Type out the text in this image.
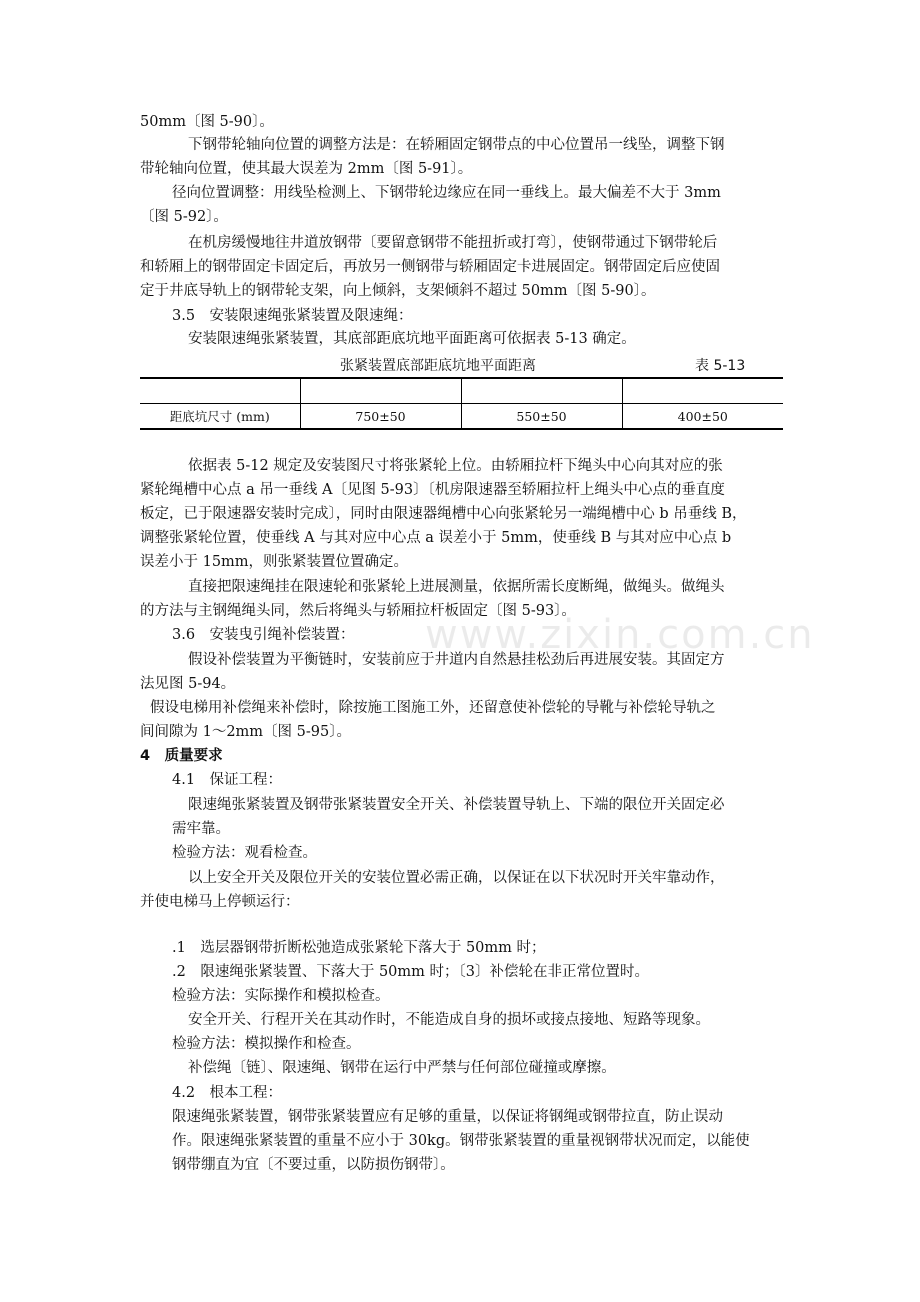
50mm〔图 5-90〕。
下钢带轮轴向位置的调整方法是：在轿厢固定钢带点的中心位置吊一线坠，调整下钢
带轮轴向位置，使其最大误差为 2mm〔图 5-91〕。
径向位置调整：用线坠检测上、下钢带轮边缘应在同一垂线上。最大偏差不大于 3mm
〔图 5-92〕。
在机房缓慢地往井道放钢带〔要留意钢带不能扭折或打弯〕，使钢带通过下钢带轮后
和轿厢上的钢带固定卡固定后，再放另一侧钢带与轿厢固定卡进展固定。钢带固定后应使固
定于井底导轨上的钢带轮支架，向上倾斜，支架倾斜不超过 50mm〔图 5-90〕。
3.5　安装限速绳张紧装置及限速绳：
安装限速绳张紧装置，其底部距底坑地平面距离可依据表 5-13 确定。
张紧装置底部距底坑地平面距离	表 5-13

距底坑尺寸 (mm)	750±50	550±50	400±50
www.zixin.com.cn
依据表 5-12 规定及安装图尺寸将张紧轮上位。由轿厢拉杆下绳头中心向其对应的张
紧轮绳槽中心点 a 吊一垂线 A〔见图 5-93〕〔机房限速器至轿厢拉杆上绳头中心点的垂直度
板定，已于限速器安装时完成〕，同时由限速器绳槽中心向张紧轮另一端绳槽中心 b 吊垂线 B，
调整张紧轮位置，使垂线 A 与其对应中心点 a 误差小于 5mm，使垂线 B 与其对应中心点 b
误差小于 15mm，则张紧装置位置确定。
直接把限速绳挂在限速轮和张紧轮上进展测量，依据所需长度断绳，做绳头。做绳头
的方法与主钢绳绳头同，然后将绳头与轿厢拉杆板固定〔图 5-93〕。
3.6　安装曳引绳补偿装置：
假设补偿装置为平衡链时，安装前应于井道内自然悬挂松劲后再进展安装。其固定方
法见图 5-94。
假设电梯用补偿绳来补偿时，除按施工图施工外，还留意使补偿轮的导靴与补偿轮导轨之
间间隙为 1～2mm〔图 5-95〕。
4　质量要求
4.1　保证工程：
限速绳张紧装置及钢带张紧装置安全开关、补偿装置导轨上、下端的限位开关固定必
需牢靠。
检验方法：观看检查。
以上安全开关及限位开关的安装位置必需正确，以保证在以下状况时开关牢靠动作，
并使电梯马上停顿运行：
.1　选层器钢带折断松弛造成张紧轮下落大于 50mm 时；
.2　限速绳张紧装置、下落大于 50mm 时；〔3〕补偿轮在非正常位置时。
检验方法：实际操作和模拟检查。
安全开关、行程开关在其动作时，不能造成自身的损坏或接点接地、短路等现象。
检验方法：模拟操作和检查。
补偿绳〔链〕、限速绳、钢带在运行中严禁与任何部位碰撞或摩擦。
4.2　根本工程：
限速绳张紧装置，钢带张紧装置应有足够的重量，以保证将钢绳或钢带拉直，防止误动
作。限速绳张紧装置的重量不应小于 30kg。钢带张紧装置的重量视钢带状况而定，以能使
钢带绷直为宜〔不要过重，以防损伤钢带〕。
